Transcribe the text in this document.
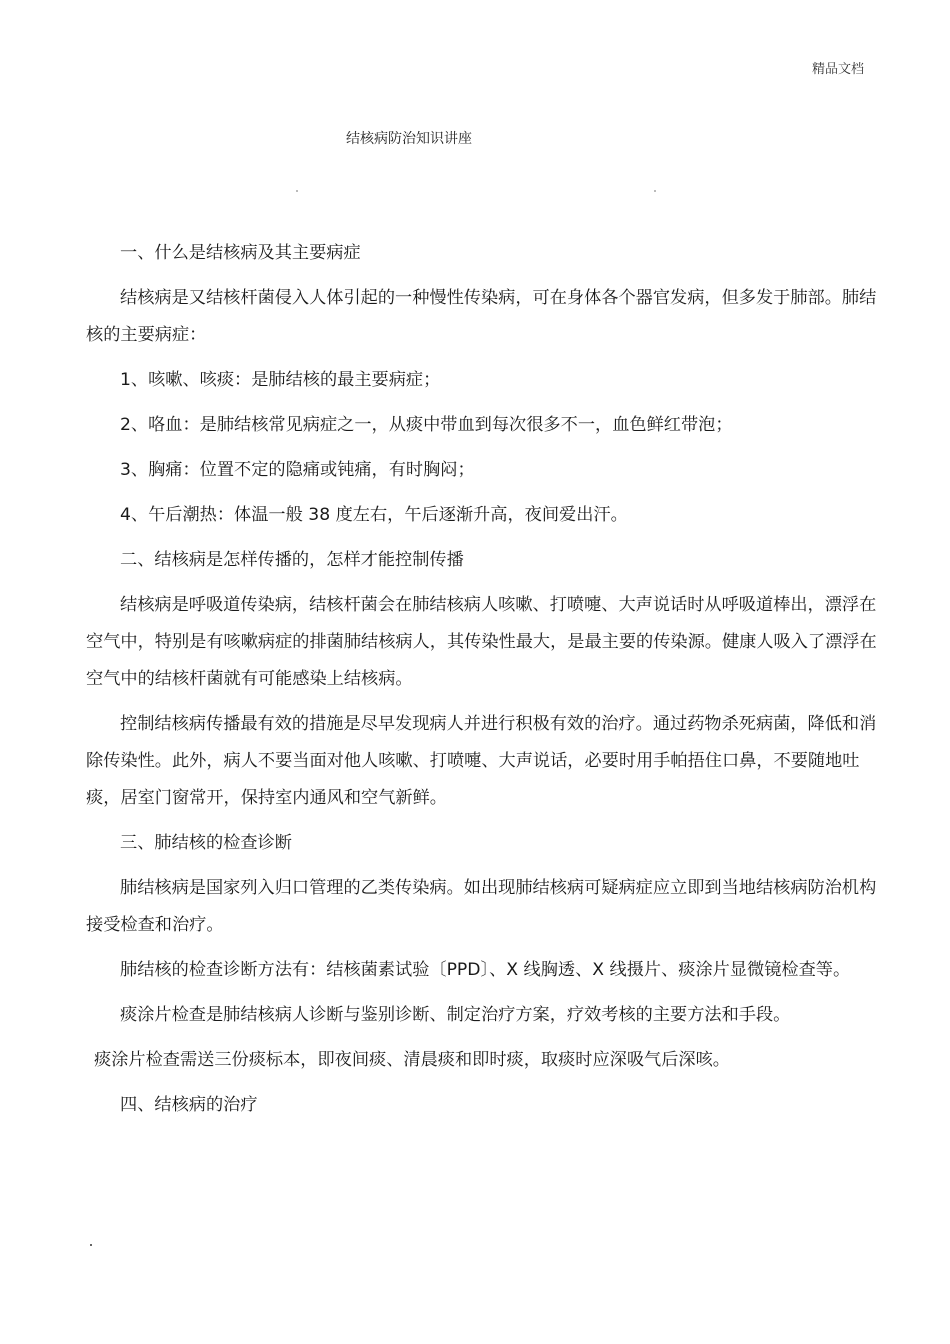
精品文档
结核病防治知识讲座

一、什么是结核病及其主要病症

结核病是又结核杆菌侵入人体引起的一种慢性传染病，可在身体各个器官发病，但多发于肺部。肺结核的主要病症：

1、咳嗽、咳痰：是肺结核的最主要病症；

2、咯血：是肺结核常见病症之一，从痰中带血到每次很多不一，血色鲜红带泡；

3、胸痛：位置不定的隐痛或钝痛，有时胸闷；

4、午后潮热：体温一般 38 度左右，午后逐渐升高，夜间爱出汗。

二、结核病是怎样传播的，怎样才能控制传播

结核病是呼吸道传染病，结核杆菌会在肺结核病人咳嗽、打喷嚏、大声说话时从呼吸道棒出，漂浮在空气中，特别是有咳嗽病症的排菌肺结核病人，其传染性最大，是最主要的传染源。健康人吸入了漂浮在空气中的结核杆菌就有可能感染上结核病。

控制结核病传播最有效的措施是尽早发现病人并进行积极有效的治疗。通过药物杀死病菌，降低和消除传染性。此外，病人不要当面对他人咳嗽、打喷嚏、大声说话，必要时用手帕捂住口鼻，不要随地吐痰，居室门窗常开，保持室内通风和空气新鲜。

三、肺结核的检查诊断

肺结核病是国家列入归口管理的乙类传染病。如出现肺结核病可疑病症应立即到当地结核病防治机构接受检查和治疗。

肺结核的检查诊断方法有：结核菌素试验〔PPD〕、X 线胸透、X 线摄片、痰涂片显微镜检查等。

痰涂片检查是肺结核病人诊断与鉴别诊断、制定治疗方案，疗效考核的主要方法和手段。

痰涂片检查需送三份痰标本，即夜间痰、清晨痰和即时痰，取痰时应深吸气后深咳。

四、结核病的治疗
